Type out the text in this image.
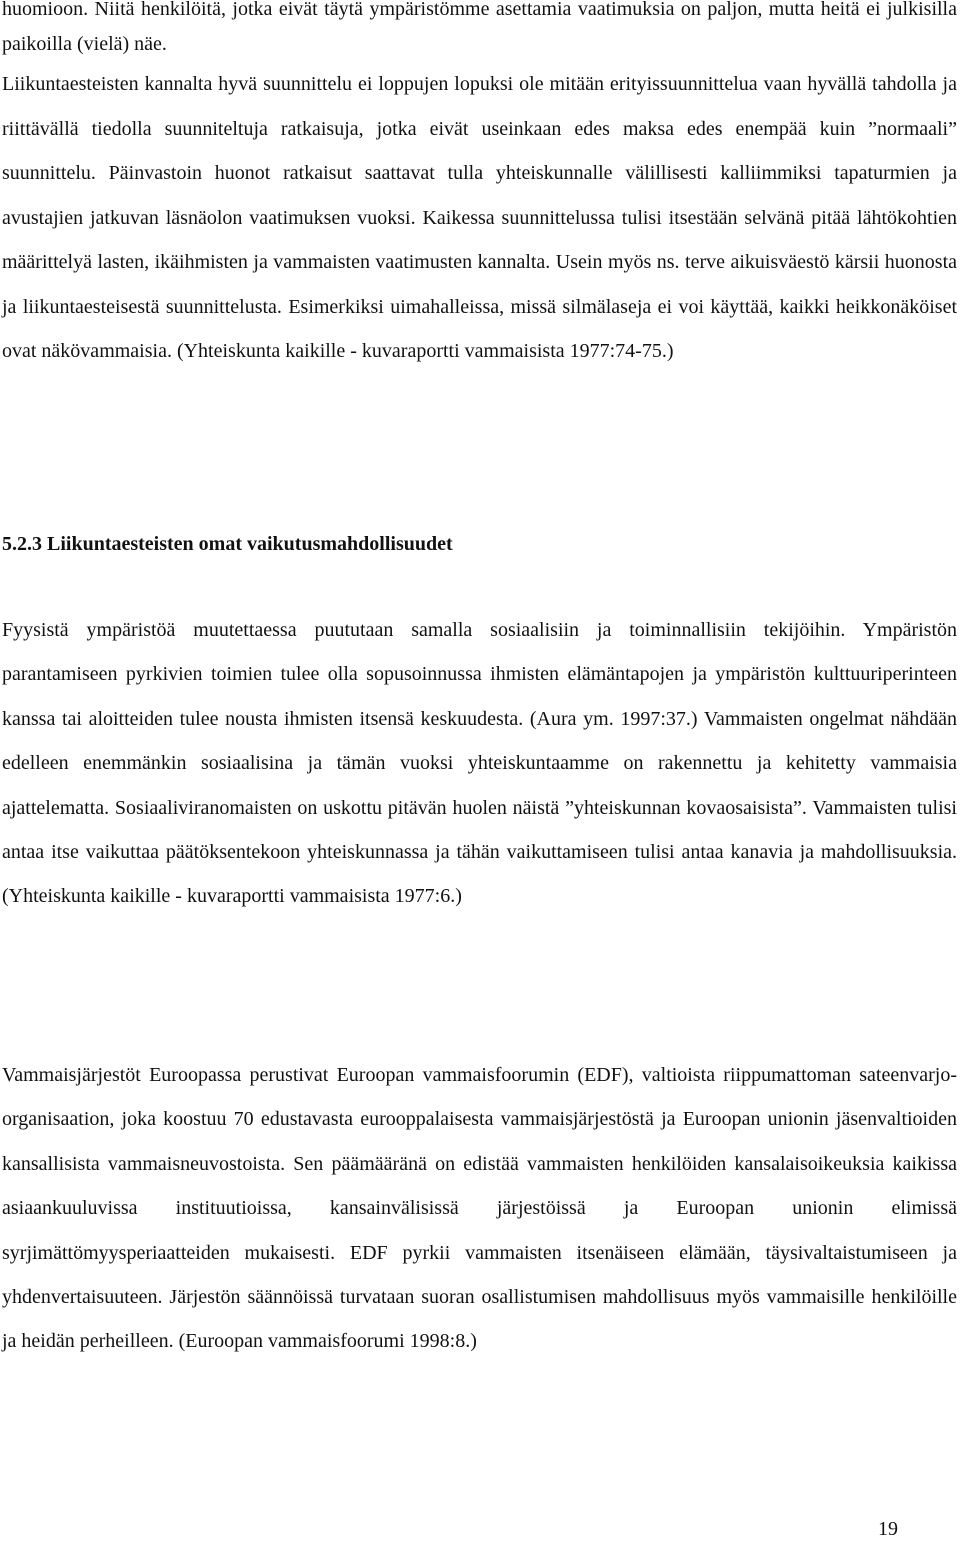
huomioon. Niitä henkilöitä, jotka eivät täytä ympäristömme asettamia vaatimuksia on paljon, mutta heitä ei julkisilla paikoilla (vielä) näe.
Liikuntaesteisten kannalta hyvä suunnittelu ei loppujen lopuksi ole mitään erityissuunnittelua vaan hyvällä tahdolla ja riittävällä tiedolla suunniteltuja ratkaisuja, jotka eivät useinkaan edes maksa edes enempää kuin ”normaali” suunnittelu. Päinvastoin huonot ratkaisut saattavat tulla yhteiskunnalle välillisesti kalliimmiksi tapaturmien ja avustajien jatkuvan läsnäolon vaatimuksen vuoksi. Kaikessa suunnittelussa tulisi itsestään selvänä pitää lähtökohtien määrittelyä lasten, ikäihmisten ja vammaisten vaatimusten kannalta. Usein myös ns. terve aikuisväestö kärsii huonosta ja liikuntaesteisestä suunnittelusta. Esimerkiksi uimahalleissa, missä silmälaseja ei voi käyttää, kaikki heikkonäköiset ovat näkövammaisia. (Yhteiskunta kaikille - kuvaraportti vammaisista 1977:74-75.)

5.2.3 Liikuntaesteisten omat vaikutusmahdollisuudet

Fyysistä ympäristöä muutettaessa puututaan samalla sosiaalisiin ja toiminnallisiin tekijöihin. Ympäristön parantamiseen pyrkivien toimien tulee olla sopusoinnussa ihmisten elämäntapojen ja ympäristön kulttuuriperinteen kanssa tai aloitteiden tulee nousta ihmisten itsensä keskuudesta. (Aura ym. 1997:37.) Vammaisten ongelmat nähdään edelleen enemmänkin sosiaalisina ja tämän vuoksi yhteiskuntaamme on rakennettu ja kehitetty vammaisia ajattelematta. Sosiaaliviranomaisten on uskottu pitävän huolen näistä ”yhteiskunnan kovaosaisista”. Vammaisten tulisi antaa itse vaikuttaa päätöksentekoon yhteiskunnassa ja tähän vaikuttamiseen tulisi antaa kanavia ja mahdollisuuksia. (Yhteiskunta kaikille - kuvaraportti vammaisista 1977:6.)

Vammaisjärjestöt Euroopassa perustivat Euroopan vammaisfoorumin (EDF), valtioista riippumattoman sateenvarjo-organisaation, joka koostuu 70 edustavasta eurooppalaisesta vammaisjärjestöstä ja Euroopan unionin jäsenvaltioiden kansallisista vammaisneuvostoista. Sen päämääränä on edistää vammaisten henkilöiden kansalaisoikeuksia kaikissa asiaankuuluvissa instituutioissa, kansainvälisissä järjestöissä ja Euroopan unionin elimissä syrjimättömyysperiaatteiden mukaisesti. EDF pyrkii vammaisten itsenäiseen elämään, täysivaltaistumiseen ja yhdenvertaisuuteen. Järjestön säännöissä turvataan suoran osallistumisen mahdollisuus myös vammaisille henkilöille ja heidän perheilleen. (Euroopan vammaisfoorumi 1998:8.)

19
